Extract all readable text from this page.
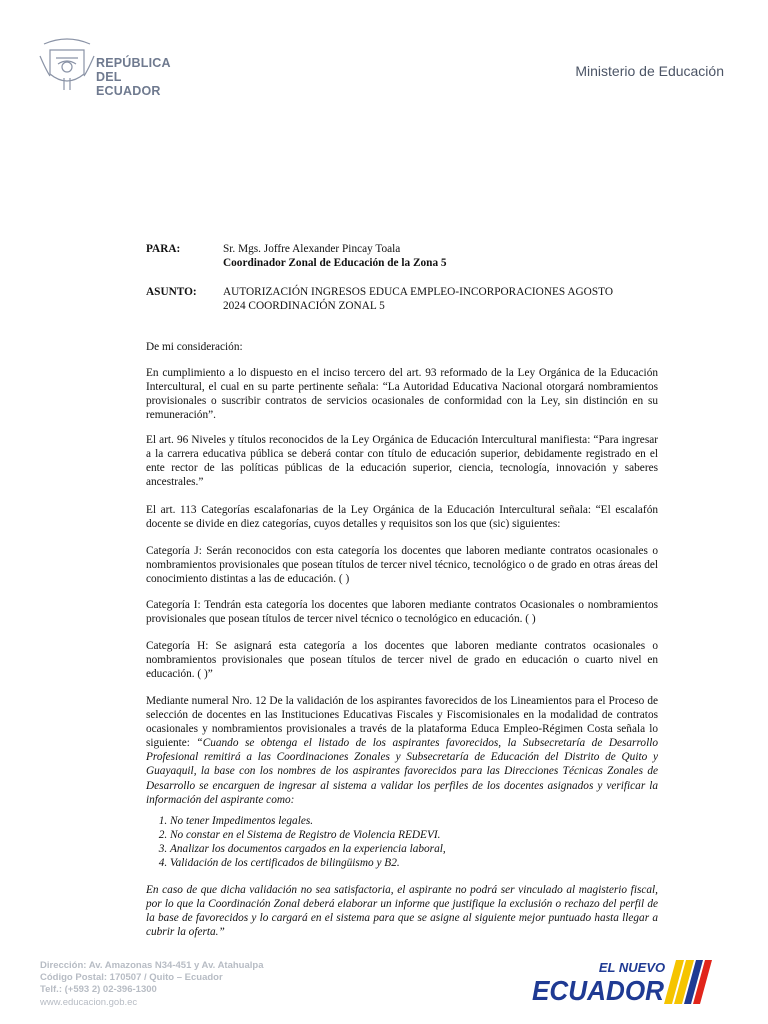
REPÚBLICA
DEL ECUADOR
Ministerio de Educación
PARA:	Sr. Mgs. Joffre Alexander Pincay Toala
Coordinador Zonal de Educación de la Zona 5
ASUNTO: AUTORIZACIÓN INGRESOS EDUCA EMPLEO-INCORPORACIONES AGOSTO
2024 COORDINACIÓN ZONAL 5

De mi consideración:

En cumplimiento a lo dispuesto en el inciso tercero del art. 93 reformado de la Ley Orgánica de la Educación Intercultural, el cual en su parte pertinente señala: “La Autoridad Educativa Nacional otorgará nombramientos provisionales o suscribir contratos de servicios ocasionales de conformidad con la Ley, sin distinción en su remuneración”.

El art. 96 Niveles y títulos reconocidos de la Ley Orgánica de Educación Intercultural manifiesta: “Para ingresar a la carrera educativa pública se deberá contar con título de educación superior, debidamente registrado en el ente rector de las políticas públicas de la educación superior, ciencia, tecnología, innovación y saberes ancestrales.”

El art. 113 Categorías escalafonarias de la Ley Orgánica de la Educación Intercultural señala: “El escalafón docente se divide en diez categorías, cuyos detalles y requisitos son los que (sic) siguientes:

Categoría J: Serán reconocidos con esta categoría los docentes que laboren mediante contratos ocasionales o nombramientos provisionales que posean títulos de tercer nivel técnico, tecnológico o de grado en otras áreas del conocimiento distintas a las de educación. ( )

Categoría I: Tendrán esta categoría los docentes que laboren mediante contratos Ocasionales o nombramientos provisionales que posean títulos de tercer nivel técnico o tecnológico en educación. ( )

Categoría H: Se asignará esta categoría a los docentes que laboren mediante contratos ocasionales o nombramientos provisionales que posean títulos de tercer nivel de grado en educación o cuarto nivel en educación. ( )”

Mediante numeral Nro. 12 De la validación de los aspirantes favorecidos de los Lineamientos para el Proceso de selección de docentes en las Instituciones Educativas Fiscales y Fiscomisionales en la modalidad de contratos ocasionales y nombramientos provisionales a través de la plataforma Educa Empleo-Régimen Costa señala lo siguiente: “Cuando se obtenga el listado de los aspirantes favorecidos, la Subsecretaría de Desarrollo Profesional remitirá a las Coordinaciones Zonales y Subsecretaría de Educación del Distrito de Quito y Guayaquil, la base con los nombres de los aspirantes favorecidos para las Direcciones Técnicas Zonales de Desarrollo se encarguen de ingresar al sistema a validar los perfiles de los docentes asignados y verificar la información del aspirante como:

1. No tener Impedimentos legales.
2. No constar en el Sistema de Registro de Violencia REDEVI.
3. Analizar los documentos cargados en la experiencia laboral,
4. Validación de los certificados de bilingüismo y B2.

En caso de que dicha validación no sea satisfactoria, el aspirante no podrá ser vinculado al magisterio fiscal, por lo que la Coordinación Zonal deberá elaborar un informe que justifique la exclusión o rechazo del perfil de la base de favorecidos y lo cargará en el sistema para que se asigne al siguiente mejor puntuado hasta llegar a cubrir la oferta.”

Dirección: Av. Amazonas N34-451 y Av. Atahualpa
Código Postal: 170507 / Quito – Ecuador
Telf.: (+593 2) 02-396-1300
www.educacion.gob.ec
EL NUEVO
ECUADOR
